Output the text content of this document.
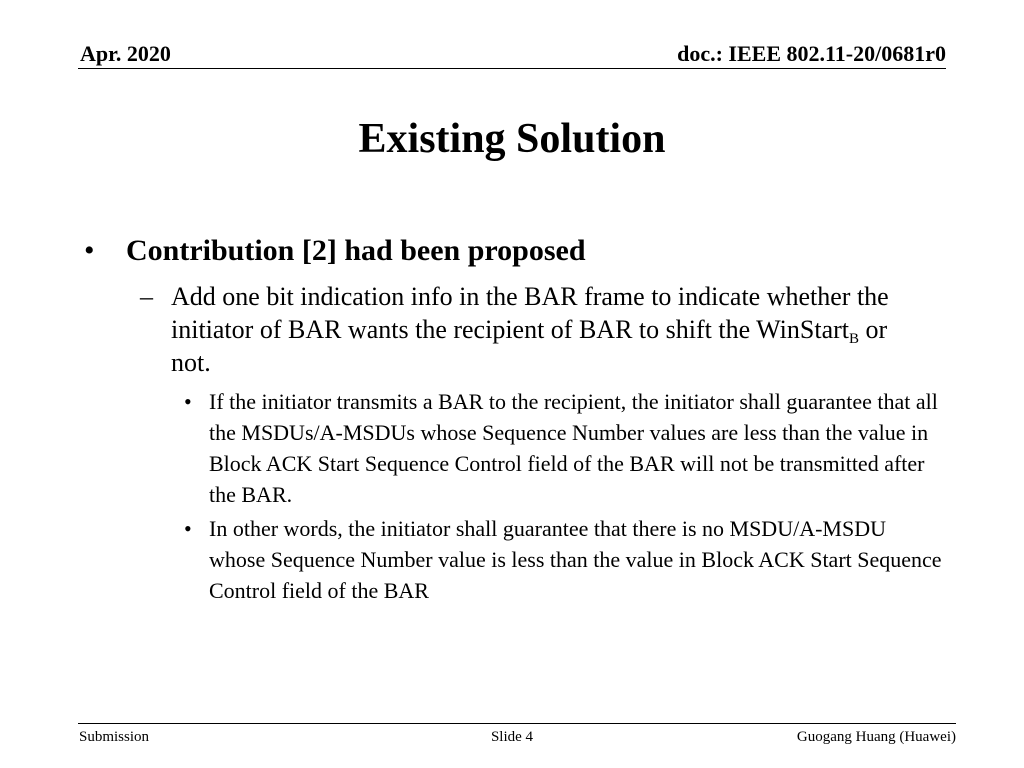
Apr. 2020	doc.: IEEE 802.11-20/0681r0
Existing Solution
• Contribution [2] had been proposed
– Add one bit indication info in the BAR frame to indicate whether the initiator of BAR wants the recipient of BAR to shift the WinStart$_B$ or not.
• If the initiator transmits a BAR to the recipient, the initiator shall guarantee that all the MSDUs/A-MSDUs whose Sequence Number values are less than the value in Block ACK Start Sequence Control field of the BAR will not be transmitted after the BAR.
• In other words, the initiator shall guarantee that there is no MSDU/A-MSDU whose Sequence Number value is less than the value in Block ACK Start Sequence Control field of the BAR
Submission	Slide 4	Guogang Huang (Huawei)
